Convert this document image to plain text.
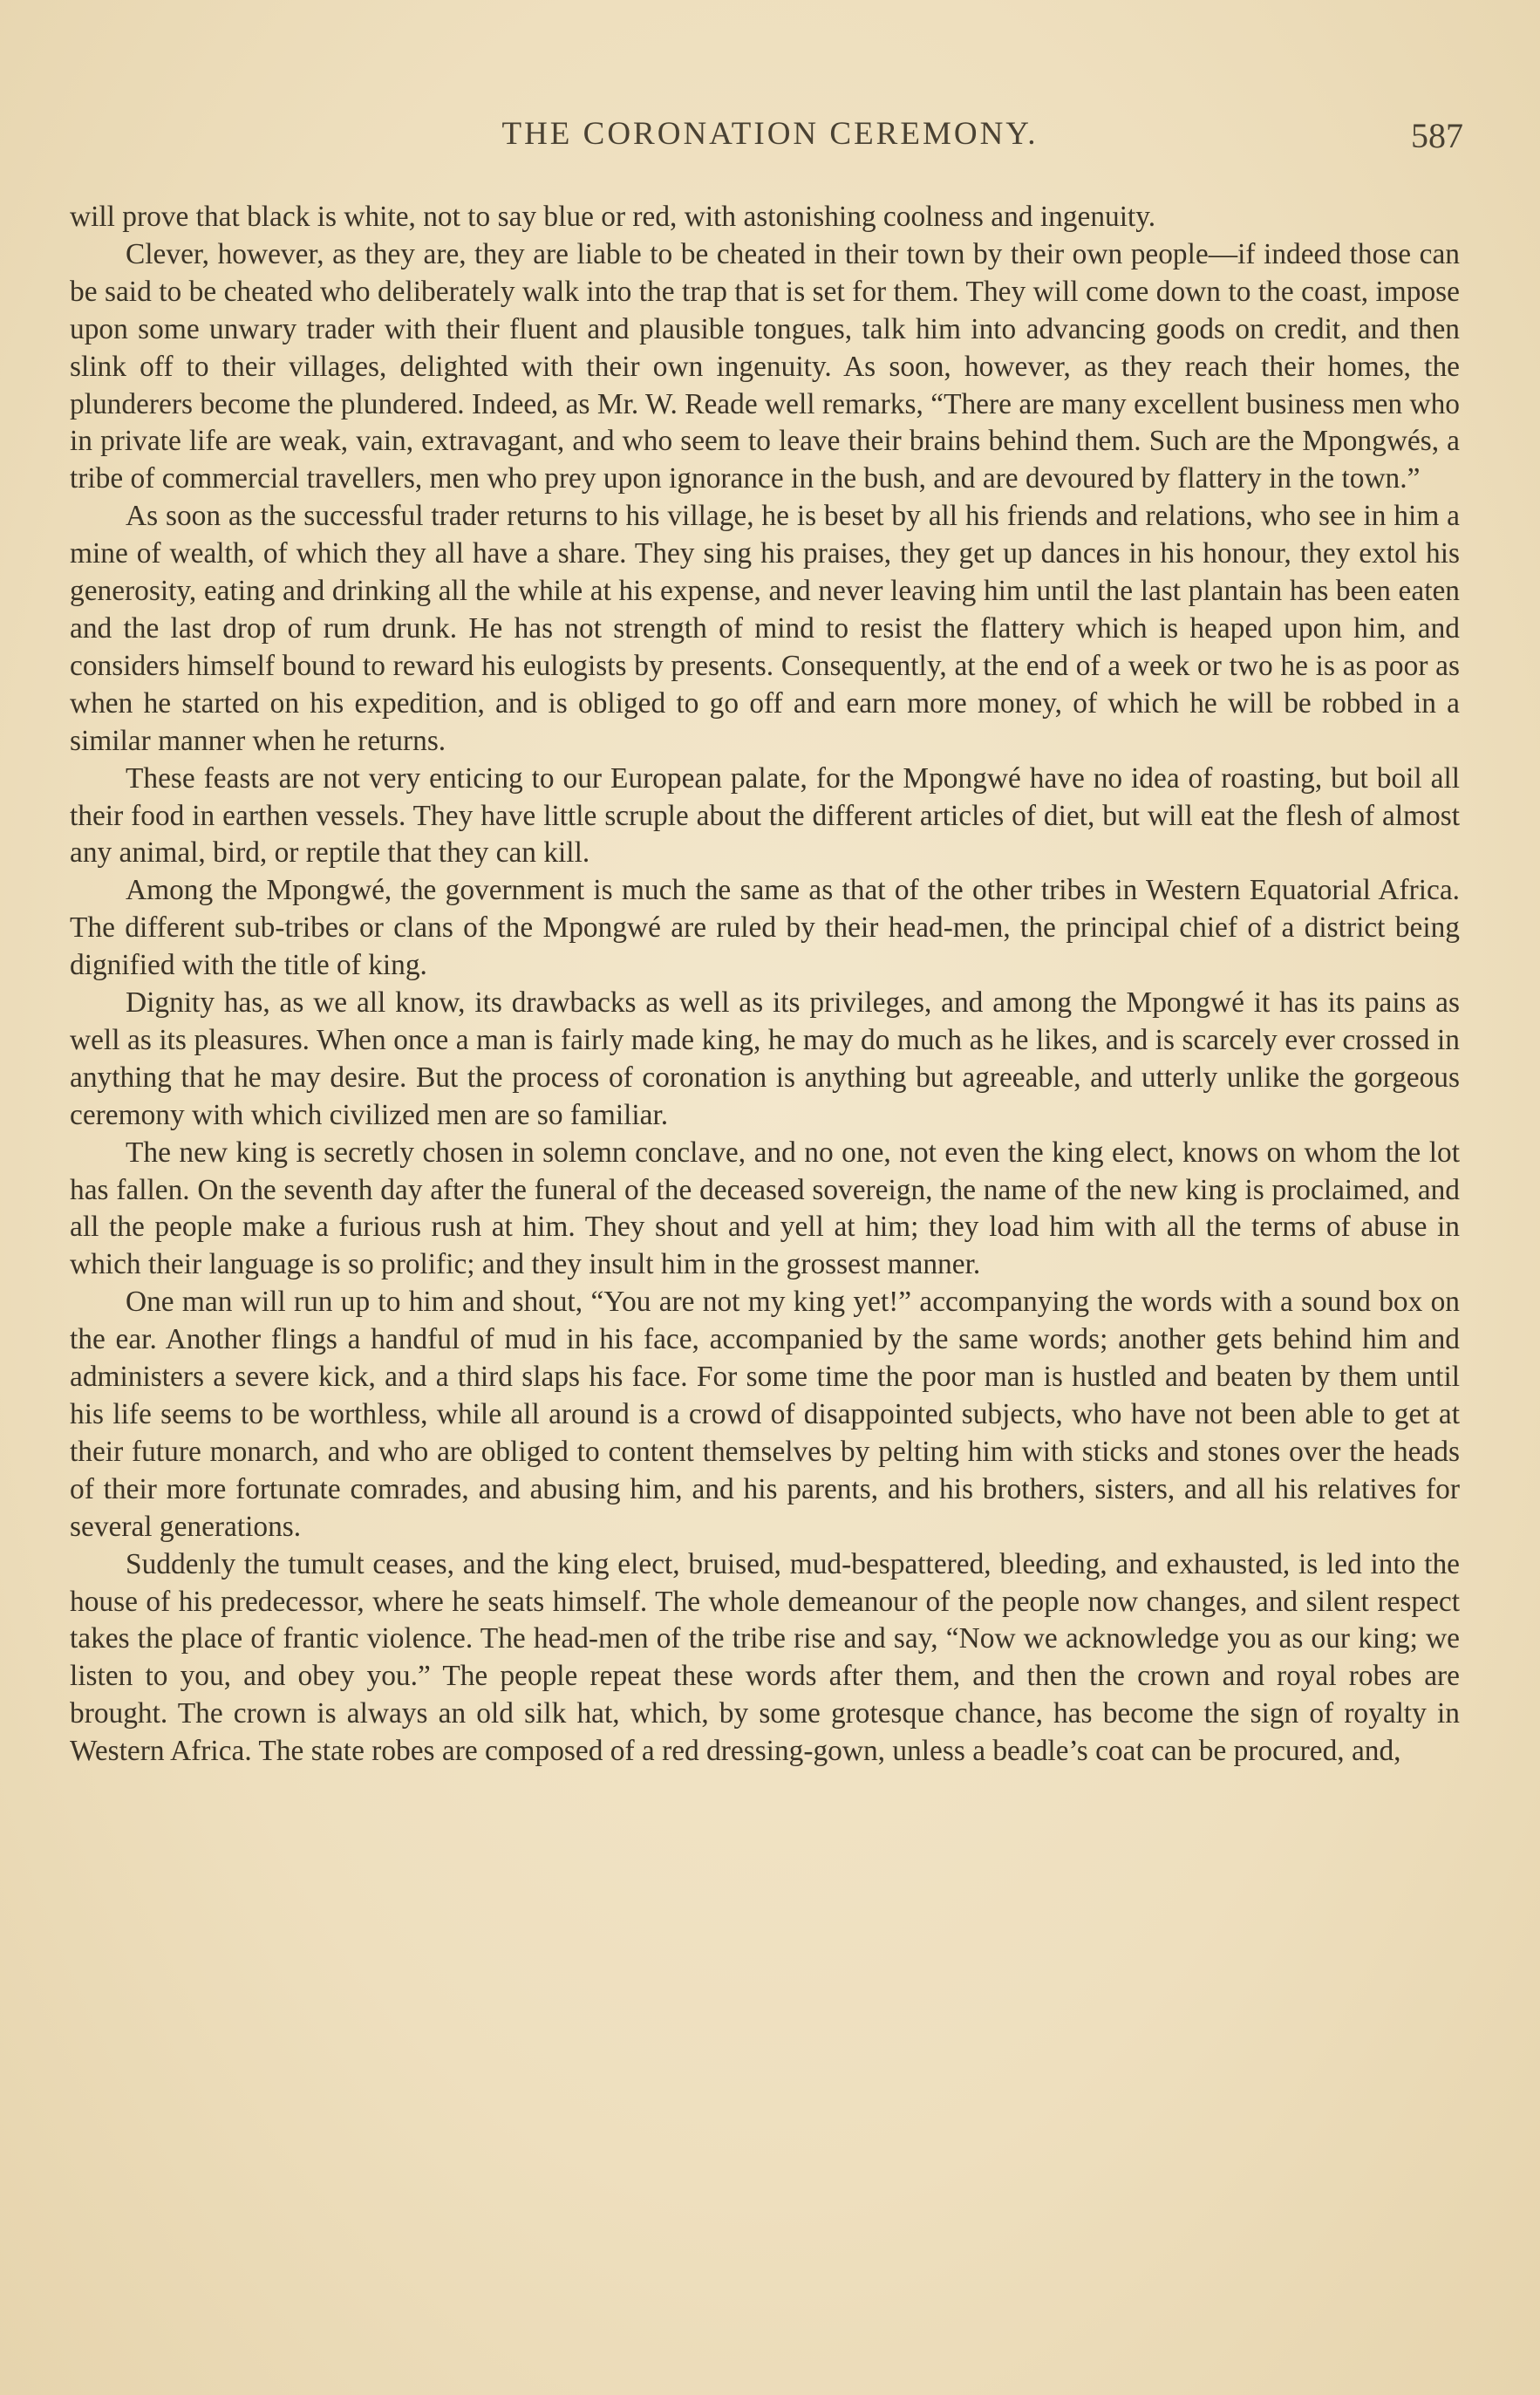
THE CORONATION CEREMONY.	587

will prove that black is white, not to say blue or red, with astonishing coolness and ingenuity.

Clever, however, as they are, they are liable to be cheated in their town by their own people—if indeed those can be said to be cheated who deliberately walk into the trap that is set for them. They will come down to the coast, impose upon some unwary trader with their fluent and plausible tongues, talk him into advancing goods on credit, and then slink off to their villages, delighted with their own ingenuity. As soon, however, as they reach their homes, the plunderers become the plundered. Indeed, as Mr. W. Reade well remarks, “There are many excellent business men who in private life are weak, vain, extravagant, and who seem to leave their brains behind them. Such are the Mpongwés, a tribe of commercial travellers, men who prey upon ignorance in the bush, and are devoured by flattery in the town.”

As soon as the successful trader returns to his village, he is beset by all his friends and relations, who see in him a mine of wealth, of which they all have a share. They sing his praises, they get up dances in his honour, they extol his generosity, eating and drinking all the while at his expense, and never leaving him until the last plantain has been eaten and the last drop of rum drunk. He has not strength of mind to resist the flattery which is heaped upon him, and considers himself bound to reward his eulogists by presents. Consequently, at the end of a week or two he is as poor as when he started on his expedition, and is obliged to go off and earn more money, of which he will be robbed in a similar manner when he returns.

These feasts are not very enticing to our European palate, for the Mpongwé have no idea of roasting, but boil all their food in earthen vessels. They have little scruple about the different articles of diet, but will eat the flesh of almost any animal, bird, or reptile that they can kill.

Among the Mpongwé, the government is much the same as that of the other tribes in Western Equatorial Africa. The different sub-tribes or clans of the Mpongwé are ruled by their head-men, the principal chief of a district being dignified with the title of king.

Dignity has, as we all know, its drawbacks as well as its privileges, and among the Mpongwé it has its pains as well as its pleasures. When once a man is fairly made king, he may do much as he likes, and is scarcely ever crossed in anything that he may desire. But the process of coronation is anything but agreeable, and utterly unlike the gorgeous ceremony with which civilized men are so familiar.

The new king is secretly chosen in solemn conclave, and no one, not even the king elect, knows on whom the lot has fallen. On the seventh day after the funeral of the deceased sovereign, the name of the new king is proclaimed, and all the people make a furious rush at him. They shout and yell at him; they load him with all the terms of abuse in which their language is so prolific; and they insult him in the grossest manner.

One man will run up to him and shout, “You are not my king yet!” accompanying the words with a sound box on the ear. Another flings a handful of mud in his face, accompanied by the same words; another gets behind him and administers a severe kick, and a third slaps his face. For some time the poor man is hustled and beaten by them until his life seems to be worthless, while all around is a crowd of disappointed subjects, who have not been able to get at their future monarch, and who are obliged to content themselves by pelting him with sticks and stones over the heads of their more fortunate comrades, and abusing him, and his parents, and his brothers, sisters, and all his relatives for several generations.

Suddenly the tumult ceases, and the king elect, bruised, mud-bespattered, bleeding, and exhausted, is led into the house of his predecessor, where he seats himself. The whole demeanour of the people now changes, and silent respect takes the place of frantic violence. The head-men of the tribe rise and say, “Now we acknowledge you as our king; we listen to you, and obey you.” The people repeat these words after them, and then the crown and royal robes are brought. The crown is always an old silk hat, which, by some grotesque chance, has become the sign of royalty in Western Africa. The state robes are composed of a red dressing-gown, unless a beadle’s coat can be procured, and,
